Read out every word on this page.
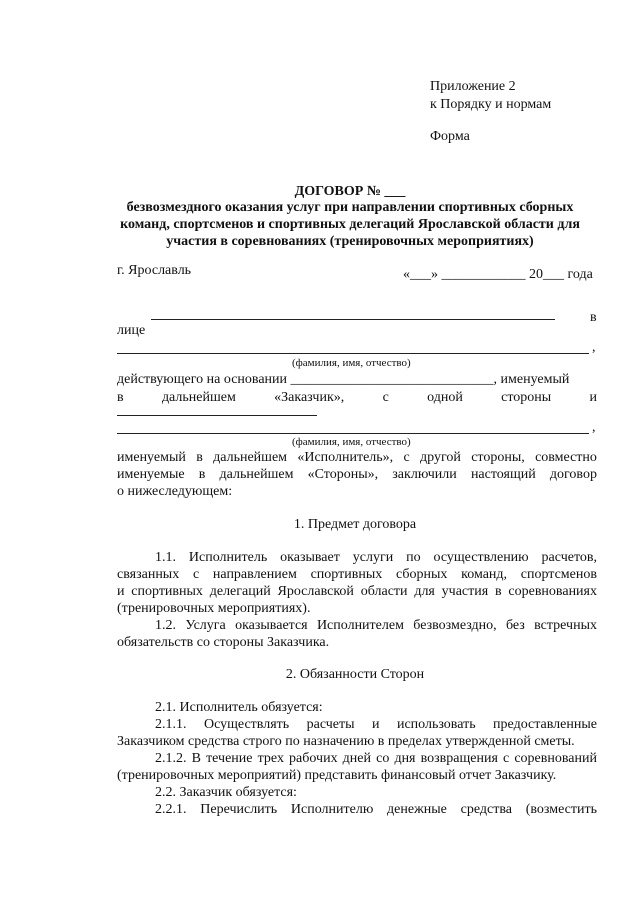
Приложение 2
к Порядку и нормам
Форма
ДОГОВОР № ___
безвозмездного оказания услуг при направлении спортивных сборных
команд, спортсменов и спортивных делегаций Ярославской области для
участия в соревнованиях (тренировочных мероприятиях)
г. Ярославль	«___» ____________ 20___ года
в
лице
,
(фамилия, имя, отчество)
действующего на основании _____________________________, именуемый
в	дальнейшем	«Заказчик»,	с	одной	стороны	и
,
(фамилия, имя, отчество)
именуемый в дальнейшем «Исполнитель», с другой стороны, совместно
именуемые в дальнейшем «Стороны», заключили настоящий договор
о нижеследующем:
1. Предмет договора
1.1. Исполнитель оказывает услуги по осуществлению расчетов,
связанных с направлением спортивных сборных команд, спортсменов
и спортивных делегаций Ярославской области для участия в соревнованиях
(тренировочных мероприятиях).
1.2. Услуга оказывается Исполнителем безвозмездно, без встречных
обязательств со стороны Заказчика.
2. Обязанности Сторон
2.1. Исполнитель обязуется:
2.1.1. Осуществлять расчеты и использовать предоставленные
Заказчиком средства строго по назначению в пределах утвержденной сметы.
2.1.2. В течение трех рабочих дней со дня возвращения с соревнований
(тренировочных мероприятий) представить финансовый отчет Заказчику.
2.2. Заказчик обязуется:
2.2.1. Перечислить Исполнителю денежные средства (возместить
